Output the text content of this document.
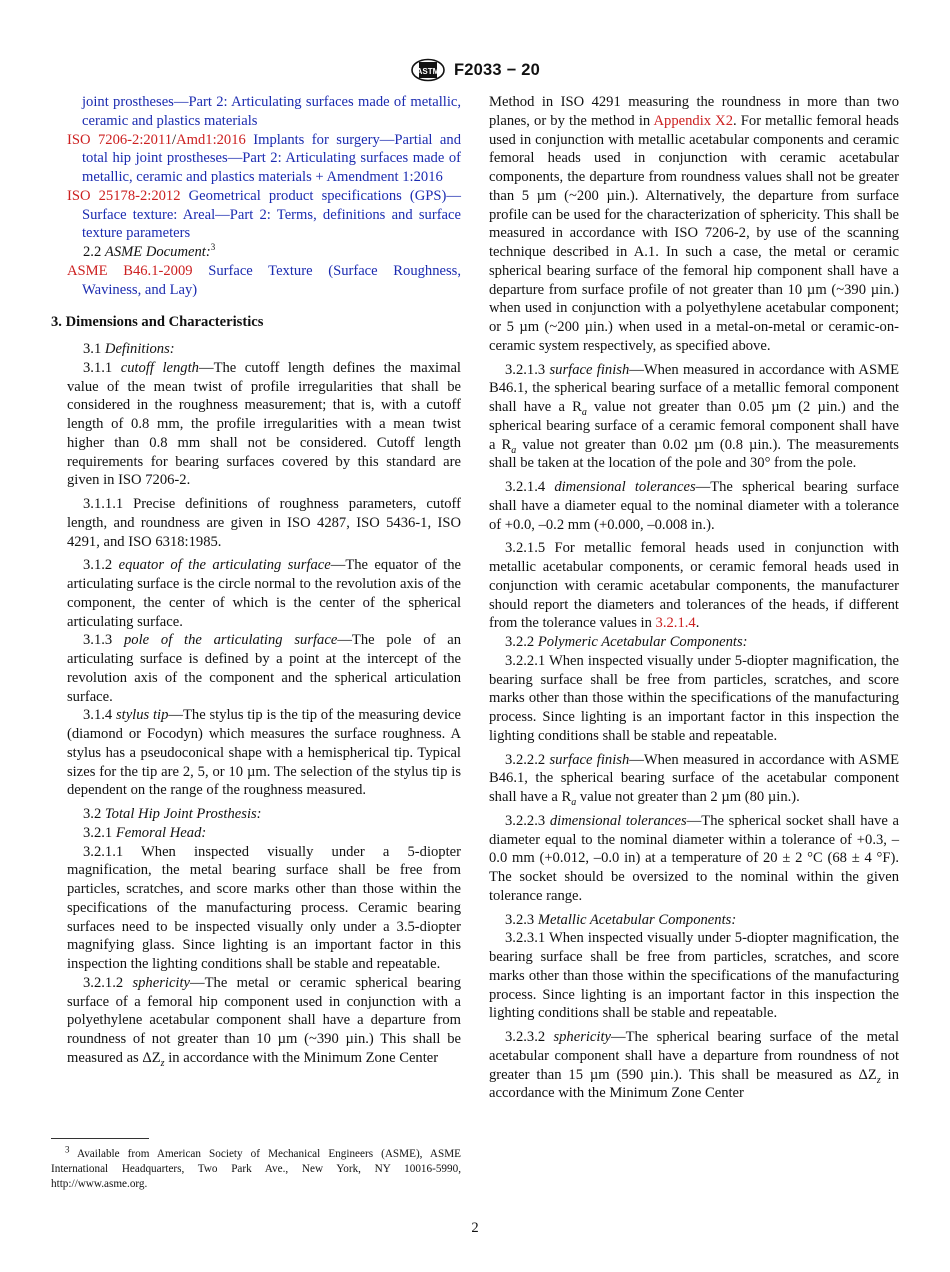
ASTM F2033 − 20

joint prostheses—Part 2: Articulating surfaces made of metallic, ceramic and plastics materials

ISO 7206-2:2011/Amd1:2016 Implants for surgery—Partial and total hip joint prostheses—Part 2: Articulating surfaces made of metallic, ceramic and plastics materials + Amendment 1:2016

ISO 25178-2:2012 Geometrical product specifications (GPS)—Surface texture: Areal—Part 2: Terms, definitions and surface texture parameters

2.2 ASME Document:$^3$

ASME B46.1-2009 Surface Texture (Surface Roughness, Waviness, and Lay)

3. Dimensions and Characteristics

3.1 Definitions:

3.1.1 cutoff length—The cutoff length defines the maximal value of the mean twist of profile irregularities that shall be considered in the roughness measurement; that is, with a cutoff length of 0.8 mm, the profile irregularities with a mean twist higher than 0.8 mm shall not be considered. Cutoff length requirements for bearing surfaces covered by this standard are given in ISO 7206-2.

3.1.1.1 Precise definitions of roughness parameters, cutoff length, and roundness are given in ISO 4287, ISO 5436-1, ISO 4291, and ISO 6318:1985.

3.1.2 equator of the articulating surface—The equator of the articulating surface is the circle normal to the revolution axis of the component, the center of which is the center of the spherical articulating surface.

3.1.3 pole of the articulating surface—The pole of an articulating surface is defined by a point at the intercept of the revolution axis of the component and the spherical articulation surface.

3.1.4 stylus tip—The stylus tip is the tip of the measuring device (diamond or Focodyn) which measures the surface roughness. A stylus has a pseudoconical shape with a hemispherical tip. Typical sizes for the tip are 2, 5, or 10 µm. The selection of the stylus tip is dependent on the range of the roughness measured.

3.2 Total Hip Joint Prosthesis:

3.2.1 Femoral Head:

3.2.1.1 When inspected visually under a 5-diopter magnification, the metal bearing surface shall be free from particles, scratches, and score marks other than those within the specifications of the manufacturing process. Ceramic bearing surfaces need to be inspected visually only under a 3.5-diopter magnifying glass. Since lighting is an important factor in this inspection the lighting conditions shall be stable and repeatable.

3.2.1.2 sphericity—The metal or ceramic spherical bearing surface of a femoral hip component used in conjunction with a polyethylene acetabular component shall have a departure from roundness of not greater than 10 µm (~390 µin.) This shall be measured as $\Delta Z_z$ in accordance with the Minimum Zone Center

$^3$ Available from American Society of Mechanical Engineers (ASME), ASME International Headquarters, Two Park Ave., New York, NY 10016-5990, http://www.asme.org.

Method in ISO 4291 measuring the roundness in more than two planes, or by the method in Appendix X2. For metallic femoral heads used in conjunction with metallic acetabular components and ceramic femoral heads used in conjunction with ceramic acetabular components, the departure from roundness values shall not be greater than 5 µm (~200 µin.). Alternatively, the departure from surface profile can be used for the characterization of sphericity. This shall be measured in accordance with ISO 7206-2, by use of the scanning technique described in A.1. In such a case, the metal or ceramic spherical bearing surface of the femoral hip component shall have a departure from surface profile of not greater than 10 µm (~390 µin.) when used in conjunction with a polyethylene acetabular component; or 5 µm (~200 µin.) when used in a metal-on-metal or ceramic-on-ceramic system respectively, as specified above.

3.2.1.3 surface finish—When measured in accordance with ASME B46.1, the spherical bearing surface of a metallic femoral component shall have a $R_a$ value not greater than 0.05 µm (2 µin.) and the spherical bearing surface of a ceramic femoral component shall have a $R_a$ value not greater than 0.02 µm (0.8 µin.). The measurements shall be taken at the location of the pole and 30° from the pole.

3.2.1.4 dimensional tolerances—The spherical bearing surface shall have a diameter equal to the nominal diameter with a tolerance of +0.0, –0.2 mm (+0.000, –0.008 in.).

3.2.1.5 For metallic femoral heads used in conjunction with metallic acetabular components, or ceramic femoral heads used in conjunction with ceramic acetabular components, the manufacturer should report the diameters and tolerances of the heads, if different from the tolerance values in 3.2.1.4.

3.2.2 Polymeric Acetabular Components:

3.2.2.1 When inspected visually under 5-diopter magnification, the bearing surface shall be free from particles, scratches, and score marks other than those within the specifications of the manufacturing process. Since lighting is an important factor in this inspection the lighting conditions shall be stable and repeatable.

3.2.2.2 surface finish—When measured in accordance with ASME B46.1, the spherical bearing surface of the acetabular component shall have a $R_a$ value not greater than 2 µm (80 µin.).

3.2.2.3 dimensional tolerances—The spherical socket shall have a diameter equal to the nominal diameter within a tolerance of +0.3, –0.0 mm (+0.012, –0.0 in) at a temperature of 20 ± 2 °C (68 ± 4 °F). The socket should be oversized to the nominal within the given tolerance range.

3.2.3 Metallic Acetabular Components:

3.2.3.1 When inspected visually under 5-diopter magnification, the bearing surface shall be free from particles, scratches, and score marks other than those within the specifications of the manufacturing process. Since lighting is an important factor in this inspection the lighting conditions shall be stable and repeatable.

3.2.3.2 sphericity—The spherical bearing surface of the metal acetabular component shall have a departure from roundness of not greater than 15 µm (590 µin.). This shall be measured as $\Delta Z_z$ in accordance with the Minimum Zone Center

2
